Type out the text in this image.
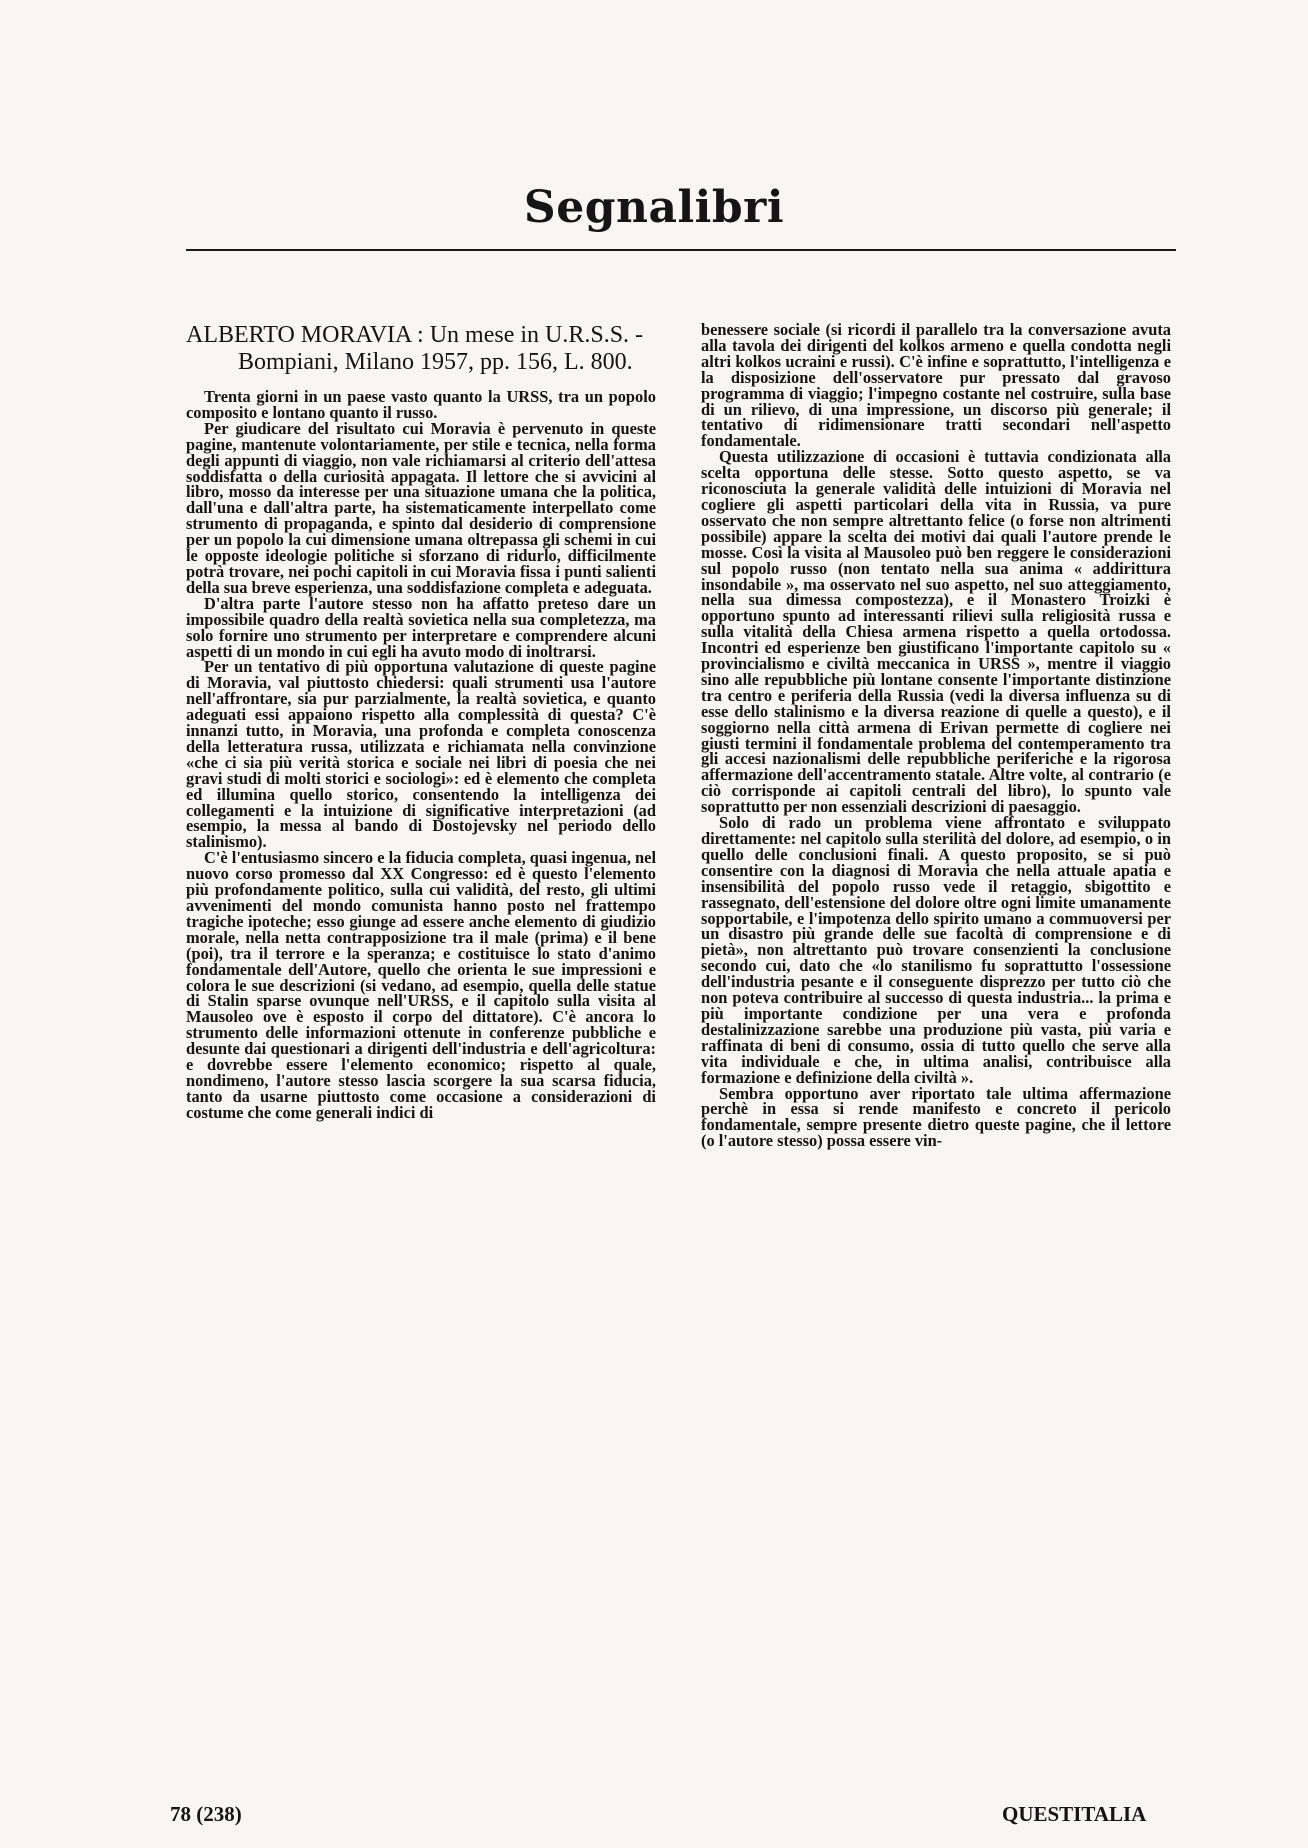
Segnalibri
ALBERTO MORAVIA : Un mese in U.R.S.S. - Bompiani, Milano 1957, pp. 156, L. 800.

Trenta giorni in un paese vasto quanto la URSS, tra un popolo composito e lontano quanto il russo.

Per giudicare del risultato cui Moravia è pervenuto in queste pagine, mantenute volontariamente, per stile e tecnica, nella forma degli appunti di viaggio, non vale richiamarsi al criterio dell'attesa soddisfatta o della curiosità appagata. Il lettore che si avvicini al libro, mosso da interesse per una situazione umana che la politica, dall'una e dall'altra parte, ha sistematicamente interpellato come strumento di propaganda, e spinto dal desiderio di comprensione per un popolo la cui dimensione umana oltrepassa gli schemi in cui le opposte ideologie politiche si sforzano di ridurlo, difficilmente potrà trovare, nei pochi capitoli in cui Moravia fissa i punti salienti della sua breve esperienza, una soddisfazione completa e adeguata.

D'altra parte l'autore stesso non ha affatto preteso dare un impossibile quadro della realtà sovietica nella sua completezza, ma solo fornire uno strumento per interpretare e comprendere alcuni aspetti di un mondo in cui egli ha avuto modo di inoltrarsi.

Per un tentativo di più opportuna valutazione di queste pagine di Moravia, val piuttosto chiedersi: quali strumenti usa l'autore nell'affrontare, sia pur parzialmente, la realtà sovietica, e quanto adeguati essi appaiono rispetto alla complessità di questa? C'è innanzi tutto, in Moravia, una profonda e completa conoscenza della letteratura russa, utilizzata e richiamata nella convinzione «che ci sia più verità storica e sociale nei libri di poesia che nei gravi studi di molti storici e sociologi»: ed è elemento che completa ed illumina quello storico, consentendo la intelligenza dei collegamenti e la intuizione di significative interpretazioni (ad esempio, la messa al bando di Dostojevsky nel periodo dello stalinismo).

C'è l'entusiasmo sincero e la fiducia completa, quasi ingenua, nel nuovo corso promesso dal XX Congresso: ed è questo l'elemento più profondamente politico, sulla cui validità, del resto, gli ultimi avvenimenti del mondo comunista hanno posto nel frattempo tragiche ipoteche; esso giunge ad essere anche elemento di giudizio morale, nella netta contrapposizione tra il male (prima) e il bene (poi), tra il terrore e la speranza; e costituisce lo stato d'animo fondamentale dell'Autore, quello che orienta le sue impressioni e colora le sue descrizioni (si vedano, ad esempio, quella delle statue di Stalin sparse ovunque nell'URSS, e il capitolo sulla visita al Mausoleo ove è esposto il corpo del dittatore). C'è ancora lo strumento delle informazioni ottenute in conferenze pubbliche e desunte dai questionari a dirigenti dell'industria e dell'agricoltura: e dovrebbe essere l'elemento economico; rispetto al quale, nondimeno, l'autore stesso lascia scorgere la sua scarsa fiducia, tanto da usarne piuttosto come occasione a considerazioni di costume che come generali indici di

benessere sociale (si ricordi il parallelo tra la conversazione avuta alla tavola dei dirigenti del kolkos armeno e quella condotta negli altri kolkos ucraini e russi). C'è infine e soprattutto, l'intelligenza e la disposizione dell'osservatore pur pressato dal gravoso programma di viaggio; l'impegno costante nel costruire, sulla base di un rilievo, di una impressione, un discorso più generale; il tentativo di ridimensionare tratti secondari nell'aspetto fondamentale.

Questa utilizzazione di occasioni è tuttavia condizionata alla scelta opportuna delle stesse. Sotto questo aspetto, se va riconosciuta la generale validità delle intuizioni di Moravia nel cogliere gli aspetti particolari della vita in Russia, va pure osservato che non sempre altrettanto felice (o forse non altrimenti possibile) appare la scelta dei motivi dai quali l'autore prende le mosse. Così la visita al Mausoleo può ben reggere le considerazioni sul popolo russo (non tentato nella sua anima « addirittura insondabile », ma osservato nel suo aspetto, nel suo atteggiamento, nella sua dimessa compostezza), e il Monastero Troizki è opportuno spunto ad interessanti rilievi sulla religiosità russa e sulla vitalità della Chiesa armena rispetto a quella ortodossa. Incontri ed esperienze ben giustificano l'importante capitolo su « provincialismo e civiltà meccanica in URSS », mentre il viaggio sino alle repubbliche più lontane consente l'importante distinzione tra centro e periferia della Russia (vedi la diversa influenza su di esse dello stalinismo e la diversa reazione di quelle a questo), e il soggiorno nella città armena di Erivan permette di cogliere nei giusti termini il fondamentale problema del contemperamento tra gli accesi nazionalismi delle repubbliche periferiche e la rigorosa affermazione dell'accentramento statale. Altre volte, al contrario (e ciò corrisponde ai capitoli centrali del libro), lo spunto vale soprattutto per non essenziali descrizioni di paesaggio.

Solo di rado un problema viene affrontato e sviluppato direttamente: nel capitolo sulla sterilità del dolore, ad esempio, o in quello delle conclusioni finali. A questo proposito, se si può consentire con la diagnosi di Moravia che nella attuale apatia e insensibilità del popolo russo vede il retaggio, sbigottito e rassegnato, dell'estensione del dolore oltre ogni limite umanamente sopportabile, e l'impotenza dello spirito umano a commuoversi per un disastro più grande delle sue facoltà di comprensione e di pietà», non altrettanto può trovare consenzienti la conclusione secondo cui, dato che «lo stanilismo fu soprattutto l'ossessione dell'industria pesante e il conseguente disprezzo per tutto ciò che non poteva contribuire al successo di questa industria... la prima e più importante condizione per una vera e profonda destalinizzazione sarebbe una produzione più vasta, più varia e raffinata di beni di consumo, ossia di tutto quello che serve alla vita individuale e che, in ultima analisi, contribuisce alla formazione e definizione della civiltà ».

Sembra opportuno aver riportato tale ultima affermazione perchè in essa si rende manifesto e concreto il pericolo fondamentale, sempre presente dietro queste pagine, che il lettore (o l'autore stesso) possa essere vin-

78 (238)	QUESTITALIA
